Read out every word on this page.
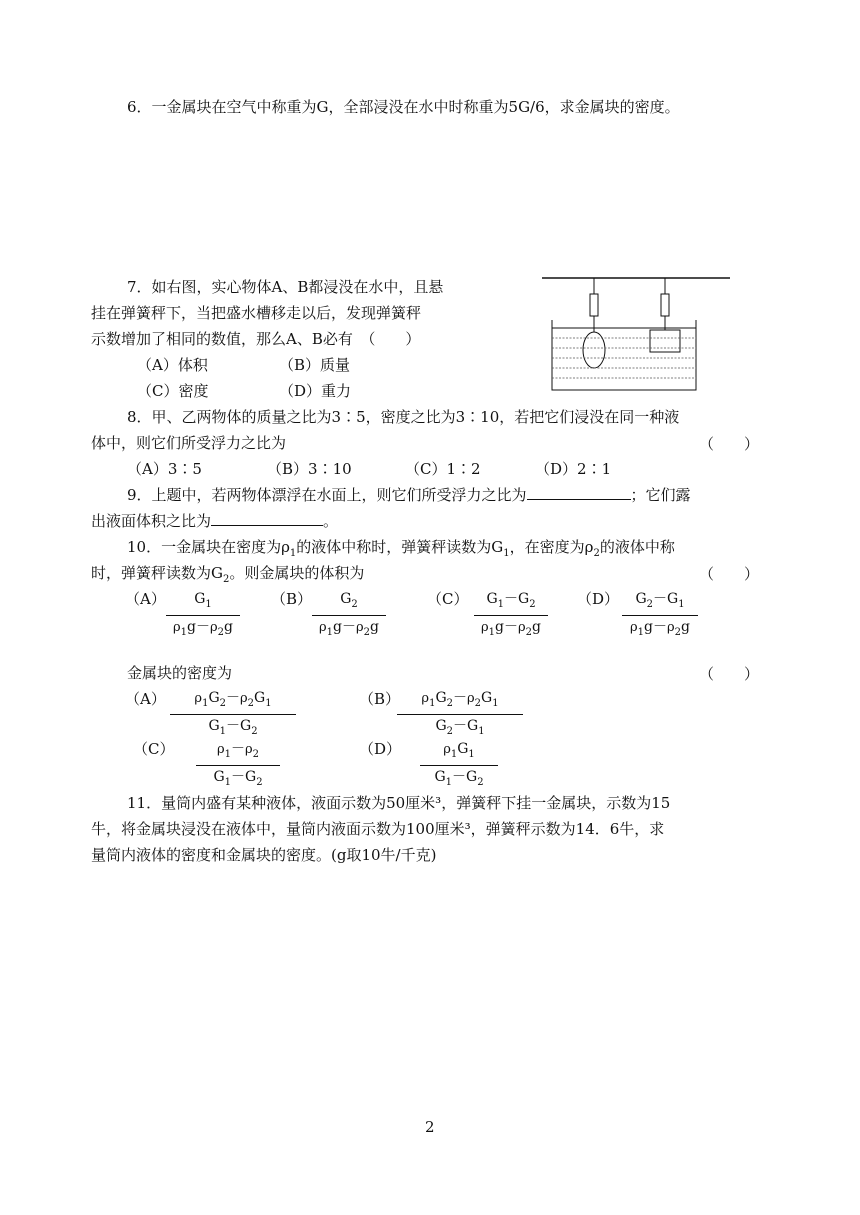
6．一金属块在空气中称重为G，全部浸没在水中时称重为5G/6，求金属块的密度。
7．如右图，实心物体A、B都浸没在水中，且悬
挂在弹簧秤下，当把盛水槽移走以后，发现弹簧秤
示数增加了相同的数值，那么A、B必有　（　　）
（A）体积	（B）质量
（C）密度	（D）重力
8．甲、乙两物体的质量之比为3∶5，密度之比为3∶10，若把它们浸没在同一种液
体中，则它们所受浮力之比为	（　　）
（A）3∶5	（B）3∶10	（C）1∶2	（D）2∶1
9．上题中，若两物体漂浮在水面上，则它们所受浮力之比为	；它们露
出液面体积之比为	。
10．一金属块在密度为$\rho_1$的液体中称时，弹簧秤读数为$G_1$，在密度为$\rho_2$的液体中称
时，弹簧秤读数为$G_2$。则金属块的体积为	（　　）
（A）	$G_1$
$\rho_1g-\rho_2g$
（B）	$G_2$
$\rho_1g-\rho_2g$
（C）	$G_1-G_2$
$\rho_1g-\rho_2g$
（D）	$G_2-G_1$
$\rho_1g-\rho_2g$
金属块的密度为	（　　）
（A）	$\rho_1G_2-\rho_2G_1$
$G_1-G_2$
（B）	$\rho_1G_2-\rho_2G_1$
$G_2-G_1$
（C）	$\rho_1-\rho_2$
$G_1-G_2$
（D）	$\rho_1G_1$
$G_1-G_2$
11．量筒内盛有某种液体，液面示数为50厘米³，弹簧秤下挂一金属块，示数为15
牛，将金属块浸没在液体中，量筒内液面示数为100厘米³，弹簧秤示数为14．6牛，求
量筒内液体的密度和金属块的密度。(g取10牛/千克)
2
